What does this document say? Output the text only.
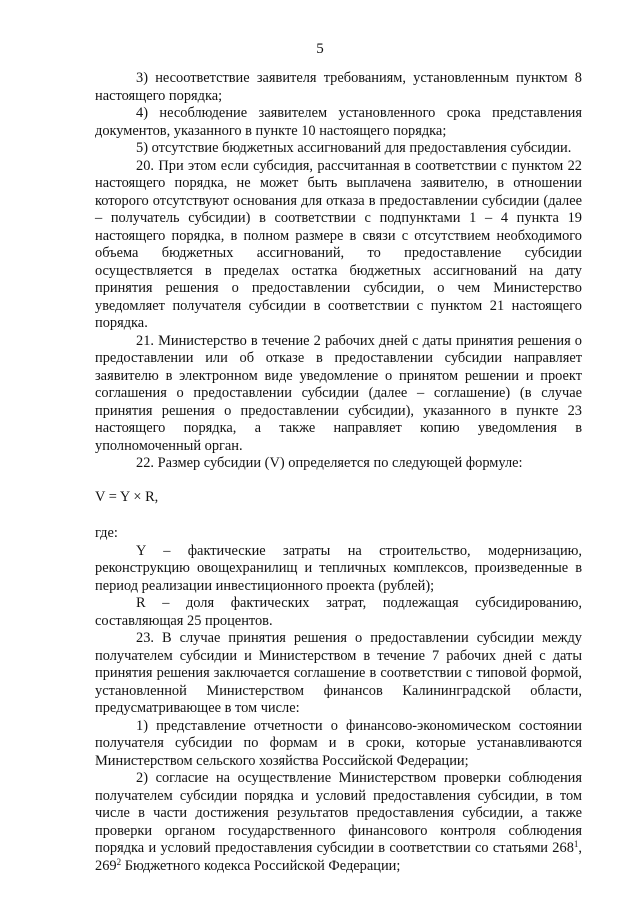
5

3) несоответствие заявителя требованиям, установленным пунктом 8 настоящего порядка;

4) несоблюдение заявителем установленного срока представления документов, указанного в пункте 10 настоящего порядка;

5) отсутствие бюджетных ассигнований для предоставления субсидии.

20. При этом если субсидия, рассчитанная в соответствии с пунктом 22 настоящего порядка, не может быть выплачена заявителю, в отношении которого отсутствуют основания для отказа в предоставлении субсидии (далее – получатель субсидии) в соответствии с подпунктами 1 – 4 пункта 19 настоящего порядка, в полном размере в связи с отсутствием необходимого объема бюджетных ассигнований, то предоставление субсидии осуществляется в пределах остатка бюджетных ассигнований на дату принятия решения о предоставлении субсидии, о чем Министерство уведомляет получателя субсидии в соответствии с пунктом 21 настоящего порядка.

21. Министерство в течение 2 рабочих дней с даты принятия решения о предоставлении или об отказе в предоставлении субсидии направляет заявителю в электронном виде уведомление о принятом решении и проект соглашения о предоставлении субсидии (далее – соглашение) (в случае принятия решения о предоставлении субсидии), указанного в пункте 23 настоящего порядка, а также направляет копию уведомления в уполномоченный орган.

22. Размер субсидии (V) определяется по следующей формуле:

V = Y × R,

где:

Y – фактические затраты на строительство, модернизацию, реконструкцию овощехранилищ и тепличных комплексов, произведенные в период реализации инвестиционного проекта (рублей);

R – доля фактических затрат, подлежащая субсидированию, составляющая 25 процентов.

23. В случае принятия решения о предоставлении субсидии между получателем субсидии и Министерством в течение 7 рабочих дней с даты принятия решения заключается соглашение в соответствии с типовой формой, установленной Министерством финансов Калининградской области, предусматривающее в том числе:

1) представление отчетности о финансово-экономическом состоянии получателя субсидии по формам и в сроки, которые устанавливаются Министерством сельского хозяйства Российской Федерации;

2) согласие на осуществление Министерством проверки соблюдения получателем субсидии порядка и условий предоставления субсидии, в том числе в части достижения результатов предоставления субсидии, а также проверки органом государственного финансового контроля соблюдения порядка и условий предоставления субсидии в соответствии со статьями $268^1$, $269^2$ Бюджетного кодекса Российской Федерации;
